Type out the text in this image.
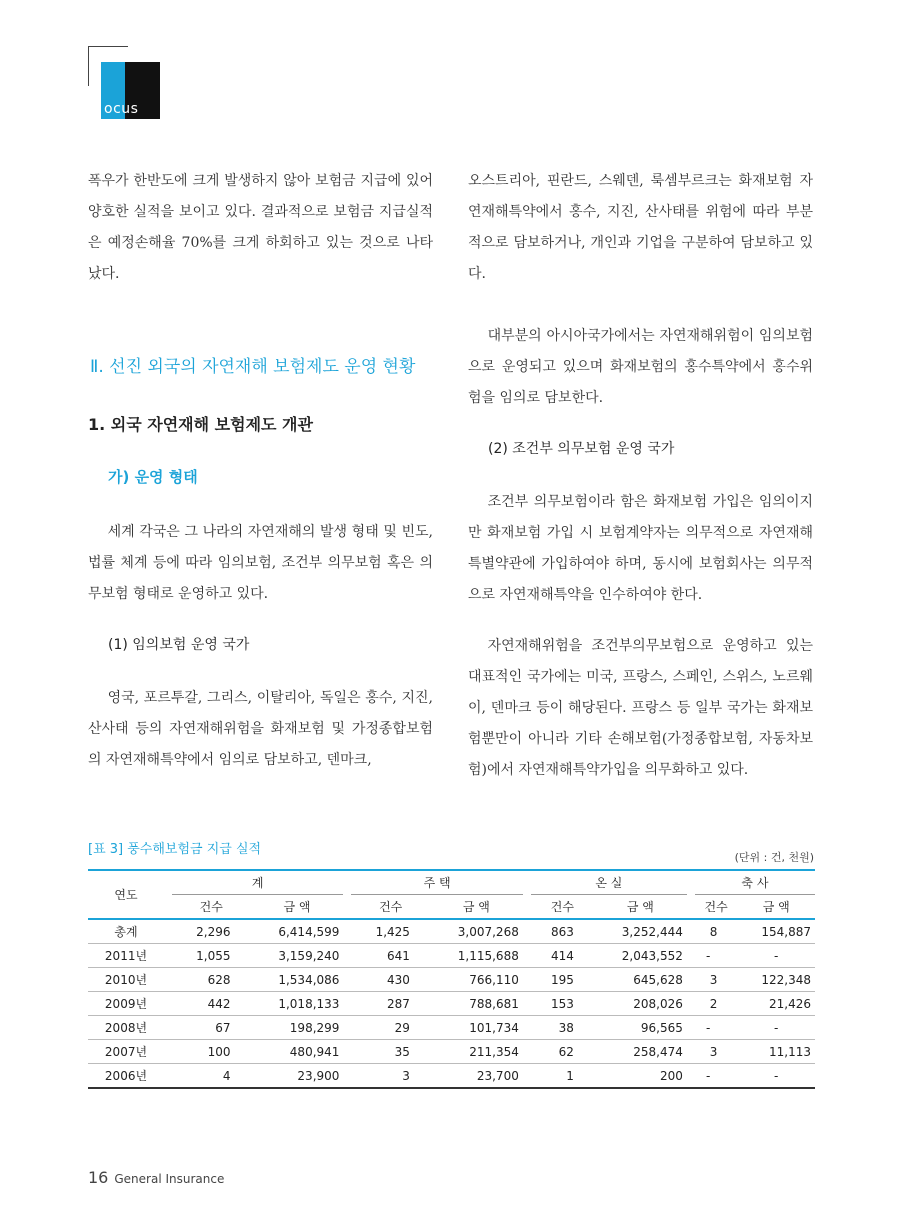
ocus

폭우가 한반도에 크게 발생하지 않아 보험금 지급에 있어 양호한 실적을 보이고 있다. 결과적으로 보험금 지급실적은 예정손해율 70%를 크게 하회하고 있는 것으로 나타났다.

Ⅱ. 선진 외국의 자연재해 보험제도 운영 현황
1. 외국 자연재해 보험제도 개관
가) 운영 형태

세계 각국은 그 나라의 자연재해의 발생 형태 및 빈도, 법률 체계 등에 따라 임의보험, 조건부 의무보험 혹은 의무보험 형태로 운영하고 있다.

(1) 임의보험 운영 국가

영국, 포르투갈, 그리스, 이탈리아, 독일은 홍수, 지진, 산사태 등의 자연재해위험을 화재보험 및 가정종합보험의 자연재해특약에서 임의로 담보하고, 덴마크,

오스트리아, 핀란드, 스웨덴, 룩셈부르크는 화재보험 자연재해특약에서 홍수, 지진, 산사태를 위험에 따라 부분적으로 담보하거나, 개인과 기업을 구분하여 담보하고 있다.

대부분의 아시아국가에서는 자연재해위험이 임의보험으로 운영되고 있으며 화재보험의 홍수특약에서 홍수위험을 임의로 담보한다.

(2) 조건부 의무보험 운영 국가

조건부 의무보험이라 함은 화재보험 가입은 임의이지만 화재보험 가입 시 보험계약자는 의무적으로 자연재해특별약관에 가입하여야 하며, 동시에 보험회사는 의무적으로 자연재해특약을 인수하여야 한다.

자연재해위험을 조건부의무보험으로 운영하고 있는 대표적인 국가에는 미국, 프랑스, 스페인, 스위스, 노르웨이, 덴마크 등이 해당된다. 프랑스 등 일부 국가는 화재보험뿐만이 아니라 기타 손해보험(가정종합보험, 자동차보험)에서 자연재해특약가입을 의무화하고 있다.

[표 3] 풍수해보험금 지급 실적
(단위 : 건, 천원)
연도		계			주 택			온 실			축 사	
		건수	금 액		건수	금 액		건수	금 액		건수	금 액
총계		2,296	6,414,599		1,425	3,007,268		863	3,252,444		8	154,887
2011년		1,055	3,159,240		641	1,115,688		414	2,043,552		-	-
2010년		628	1,534,086		430	766,110		195	645,628		3	122,348
2009년		442	1,018,133		287	788,681		153	208,026		2	21,426
2008년		67	198,299		29	101,734		38	96,565		-	-
2007년		100	480,941		35	211,354		62	258,474		3	11,113
2006년		4	23,900		3	23,700		1	200		-	-
16 General Insurance
